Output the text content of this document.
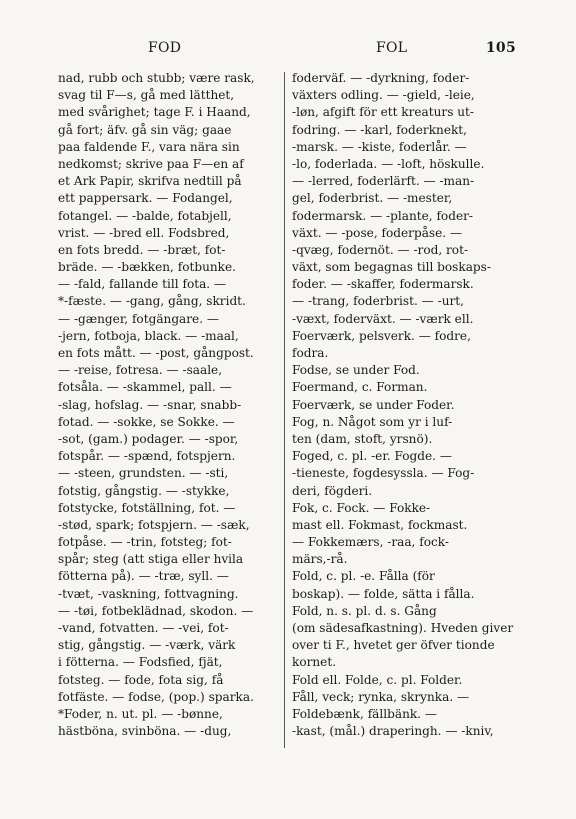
FOD	FOL	105
nad, rubb och stubb; være rask,
svag til F—s, gå med lätthet,
med svårighet; tage F. i Haand,
gå fort; äfv. gå sin väg; gaae
paa faldende F., vara nära sin
nedkomst; skrive paa F—en af
et Ark Papir, skrifva nedtill på
ett pappersark. — Fodangel,
fotangel. — -balde, fotabjell,
vrist. — -bred ell. Fodsbred,
en fots bredd. — -bræt, fot-
bräde. — -bækken, fotbunke.
— -fald, fallande till fota. —
*-fæste. — -gang, gång, skridt.
— -gænger, fotgängare. —
-jern, fotboja, black. — -maal,
en fots mått. — -post, gångpost.
— -reise, fotresa. — -saale,
fotsåla. — -skammel, pall. —
-slag, hofslag. — -snar, snabb-
fotad. — -sokke, se Sokke. —
-sot, (gam.) podager. — -spor,
fotspår. — -spænd, fotspjern.
— -steen, grundsten. — -sti,
fotstig, gångstig. — -stykke,
fotstycke, fotställning, fot. —
-stød, spark; fotspjern. — -sæk,
fotpåse. — -trin, fotsteg; fot-
spår; steg (att stiga eller hvila
fötterna på). — -træ, syll. —
-tvæt, -vaskning, fottvagning.
— -tøi, fotbeklädnad, skodon. —
-vand, fotvatten. — -vei, fot-
stig, gångstig. — -værk, värk
i fötterna. — Fodsfied, fjät,
fotsteg. — fode, fota sig, få
fotfäste. — fodse, (pop.) sparka.
*Foder, n. ut. pl. — -bønne,
hästböna, svinböna. — -dug,
foderväf. — -dyrkning, foder-
växters odling. — -gield, -leie,
-løn, afgift för ett kreaturs ut-
fodring. — -karl, foderknekt,
-marsk. — -kiste, foderlår. —
-lo, foderlada. — -loft, höskulle.
— -lerred, foderlärft. — -man-
gel, foderbrist. — -mester,
fodermarsk. — -plante, foder-
växt. — -pose, foderpåse. —
-qvæg, fodernöt. — -rod, rot-
växt, som begagnas till boskaps-
foder. — -skaffer, fodermarsk.
— -trang, foderbrist. — -urt,
-væxt, foderväxt. — -værk ell.
Foerværk, pelsverk. — fodre,
fodra.
Fodse, se under Fod.
Foermand, c. Forman.
Foerværk, se under Foder.
Fog, n. Något som yr i luf-
ten (dam, stoft, yrsnö).
Foged, c. pl. -er. Fogde. —
-tieneste, fogdesyssla. — Fog-
deri, fögderi.
Fok, c. Fock. — Fokke-
mast ell. Fokmast, fockmast.
— Fokkemærs, -raa, fock-
märs,-rå.
Fold, c. pl. -e. Fålla (för
boskap). — folde, sätta i fålla.
Fold, n. s. pl. d. s. Gång
(om sädesafkastning). Hveden giver
over ti F., hvetet ger öfver tionde
kornet.
Fold ell. Folde, c. pl. Folder.
Fåll, veck; rynka, skrynka. —
Foldebænk, fällbänk. —
-kast, (mål.) draperingh. — -kniv,
